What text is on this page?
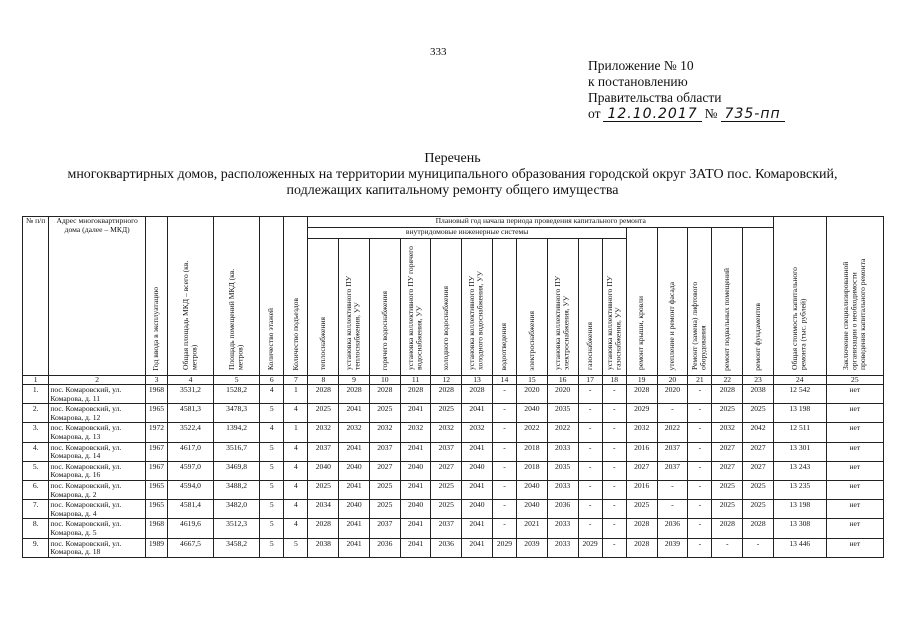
333
Приложение № 10
к постановлению
Правительства области
от 12.10.2017 № 735-пп
Перечень
многоквартирных домов, расположенных на территории муниципального образования городской округ ЗАТО пос. Комаровский,
подлежащих капитальному ремонту общего имущества
№ п/п	Адрес многоквартирного дома (далее – МКД)	Год ввода в эксплуатацию	Общая площадь МКД – всего (кв. метров)	Площадь помещений МКД (кв. метров)	Количество этажей	Количество подъездов	Плановый год начала периода проведения капитального ремонта																Общая стоимость капитального ремонта (тыс. рублей)	Заключение специализированной организации о необходимости проведения капитального ремонта
							внутридомовые инженерные системы											ремонт крыши, кровли	утепление и ремонт фасада	Ремонт (замена) лифтового оборудования	ремонт подвальных помещений	ремонт фундаментов		
							теплоснабжения	установка коллективного ПУ теплоснабжения, УУ	горячего водоснабжения	установка коллективного ПУ горячего водоснабжения, УУ	холодного водоснабжения	установка коллективного ПУ холодного водоснабжения, УУ	водоотведения	электроснабжения	установка коллективного ПУ электроснабжения, УУ	газоснабжения	установка коллективного ПУ газоснабжения, УУ							
1	2	3	4	5	6	7	8	9	10	11	12	13	14	15	16	17	18	19	20	21	22	23	24	25
1.	пос. Комаровский, ул. Комарова, д. 11	1968	3531,2	1528,2	4	1	2028	2028	2028	2028	2028	2028	-	2020	2020	-	-	2028	2020	-	2028	2038	12 542	нет
2.	пос. Комаровский, ул. Комарова, д. 12	1965	4581,3	3478,3	5	4	2025	2041	2025	2041	2025	2041	-	2040	2035	-	-	2029	-	-	2025	2025	13 198	нет
3.	пос. Комаровский, ул. Комарова, д. 13	1972	3522,4	1394,2	4	1	2032	2032	2032	2032	2032	2032	-	2022	2022	-	-	2032	2022	-	2032	2042	12 511	нет
4.	пос. Комаровский, ул. Комарова, д. 14	1967	4617,0	3516,7	5	4	2037	2041	2037	2041	2037	2041	-	2018	2033	-	-	2016	2037	-	2027	2027	13 301	нет
5.	пос. Комаровский, ул. Комарова, д. 16	1967	4597,0	3469,8	5	4	2040	2040	2027	2040	2027	2040	-	2018	2035	-	-	2027	2037	-	2027	2027	13 243	нет
6.	пос. Комаровский, ул. Комарова, д. 2	1965	4594,0	3488,2	5	4	2025	2041	2025	2041	2025	2041	-	2040	2033	-	-	2016	-	-	2025	2025	13 235	нет
7.	пос. Комаровский, ул. Комарова, д. 4	1965	4581,4	3482,0	5	4	2034	2040	2025	2040	2025	2040	-	2040	2036	-	-	2025	-	-	2025	2025	13 198	нет
8.	пос. Комаровский, ул. Комарова, д. 5	1968	4619,6	3512,3	5	4	2028	2041	2037	2041	2037	2041	-	2021	2033	-	-	2028	2036	-	2028	2028	13 308	нет
9.	пос. Комаровский, ул. Комарова, д. 18	1989	4667,5	3458,2	5	5	2038	2041	2036	2041	2036	2041	2029	2039	2033	2029	-	2028	2039	-	-	-	13 446	нет
